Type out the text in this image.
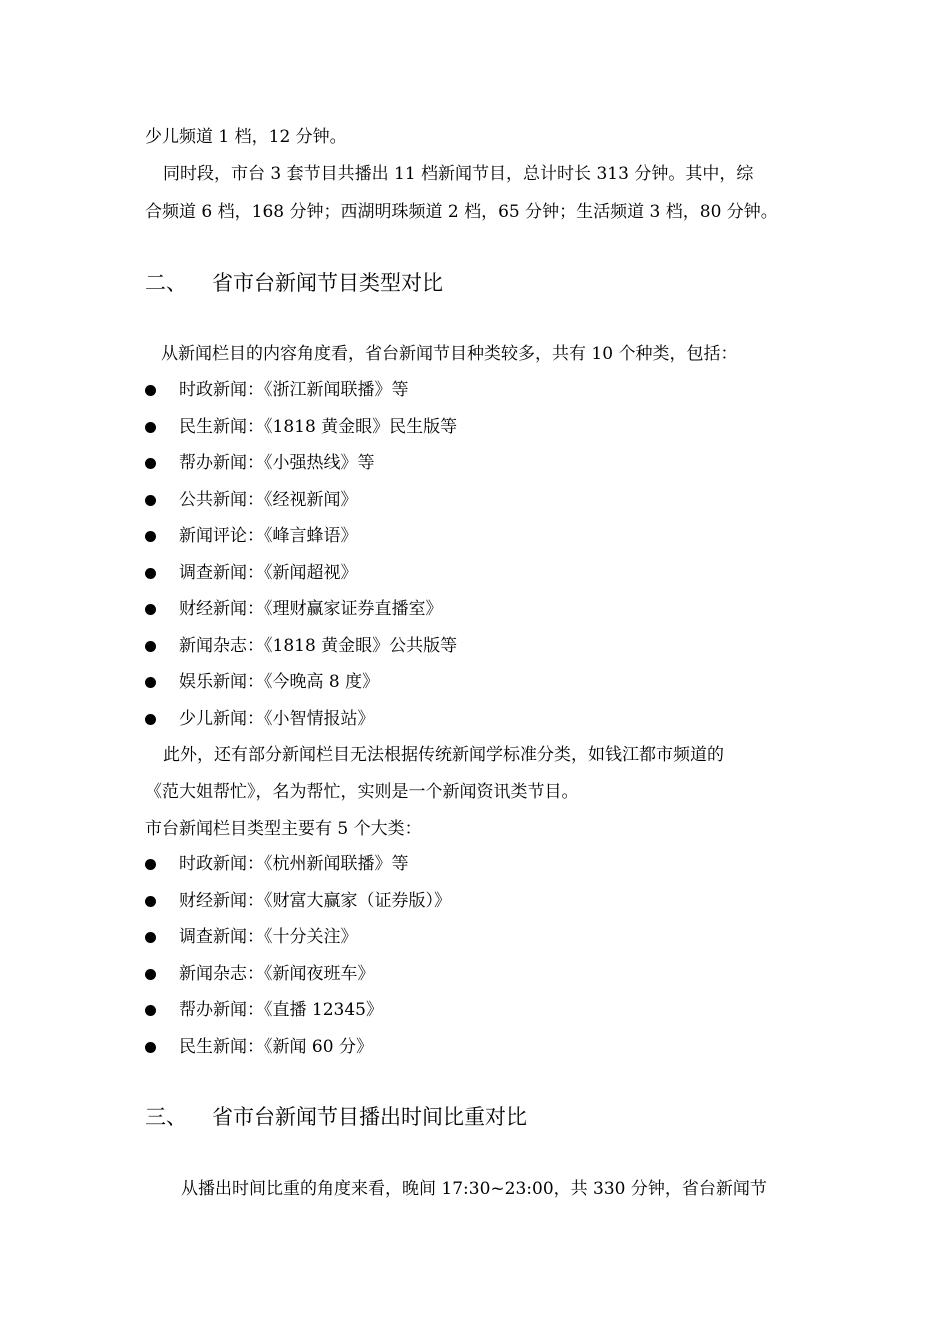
少儿频道 1 档，12 分钟。
同时段，市台 3 套节目共播出 11 档新闻节目，总计时长 313 分钟。其中，综
合频道 6 档，168 分钟；西湖明珠频道 2 档，65 分钟；生活频道 3 档，80 分钟。
二、 省市台新闻节目类型对比
从新闻栏目的内容角度看，省台新闻节目种类较多，共有 10 个种类，包括：
时政新闻：《浙江新闻联播》等
民生新闻：《1818 黄金眼》民生版等
帮办新闻：《小强热线》等
公共新闻：《经视新闻》
新闻评论：《峰言蜂语》
调查新闻：《新闻超视》
财经新闻：《理财赢家证券直播室》
新闻杂志：《1818 黄金眼》公共版等
娱乐新闻：《今晚高 8 度》
少儿新闻：《小智情报站》
此外，还有部分新闻栏目无法根据传统新闻学标准分类，如钱江都市频道的
《范大姐帮忙》，名为帮忙，实则是一个新闻资讯类节目。
市台新闻栏目类型主要有 5 个大类：
时政新闻：《杭州新闻联播》等
财经新闻：《财富大赢家（证券版）》
调查新闻：《十分关注》
新闻杂志：《新闻夜班车》
帮办新闻：《直播 12345》
民生新闻：《新闻 60 分》
三、 省市台新闻节目播出时间比重对比
从播出时间比重的角度来看，晚间 17:30~23:00，共 330 分钟，省台新闻节
